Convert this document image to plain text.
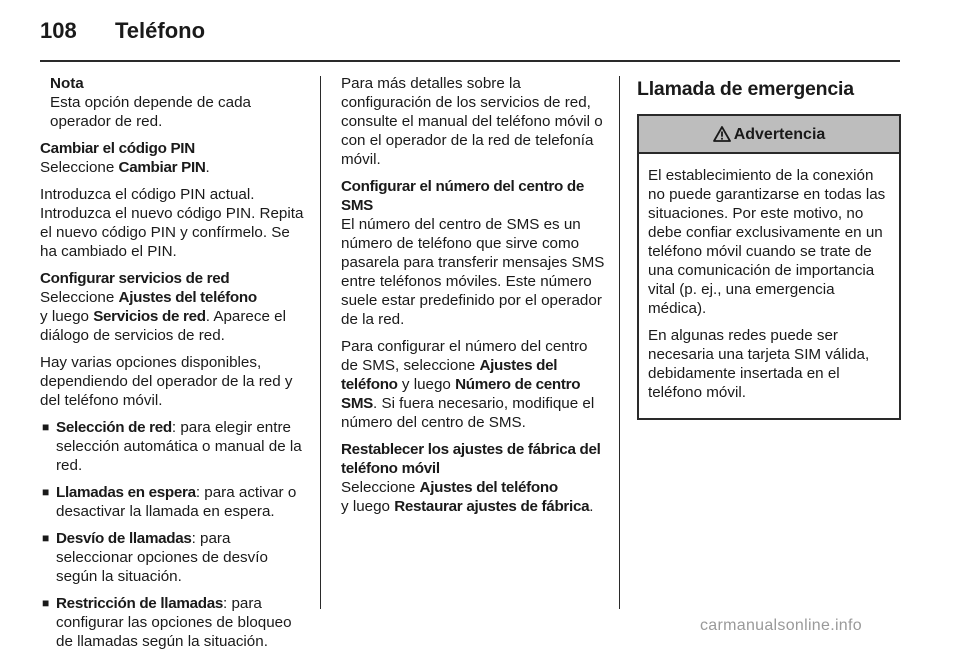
108 Teléfono
Nota
Esta opción depende de cada operador de red.

Cambiar el código PIN
Seleccione Cambiar PIN.

Introduzca el código PIN actual. Introduzca el nuevo código PIN. Repita el nuevo código PIN y confírmelo. Se ha cambiado el PIN.

Configurar servicios de red
Seleccione Ajustes del teléfono
y luego Servicios de red. Aparece el diálogo de servicios de red.

Hay varias opciones disponibles, dependiendo del operador de la red y del teléfono móvil.

■ Selección de red: para elegir entre selección automática o manual de la red.
■ Llamadas en espera: para activar o desactivar la llamada en espera.
■ Desvío de llamadas: para seleccionar opciones de desvío según la situación.
■ Restricción de llamadas: para configurar las opciones de bloqueo de llamadas según la situación.

Para más detalles sobre la configuración de los servicios de red, consulte el manual del teléfono móvil o con el operador de la red de telefonía móvil.

Configurar el número del centro de SMS
El número del centro de SMS es un número de teléfono que sirve como pasarela para transferir mensajes SMS entre teléfonos móviles. Este número suele estar predefinido por el operador de la red.

Para configurar el número del centro de SMS, seleccione Ajustes del teléfono y luego Número de centro SMS. Si fuera necesario, modifique el número del centro de SMS.

Restablecer los ajustes de fábrica del teléfono móvil
Seleccione Ajustes del teléfono
y luego Restaurar ajustes de fábrica.

Llamada de emergencia
Advertencia

El establecimiento de la conexión no puede garantizarse en todas las situaciones. Por este motivo, no debe confiar exclusivamente en un teléfono móvil cuando se trate de una comunicación de importancia vital (p. ej., una emergencia médica).

En algunas redes puede ser necesaria una tarjeta SIM válida, debidamente insertada en el teléfono móvil.

carmanualsonline.info
